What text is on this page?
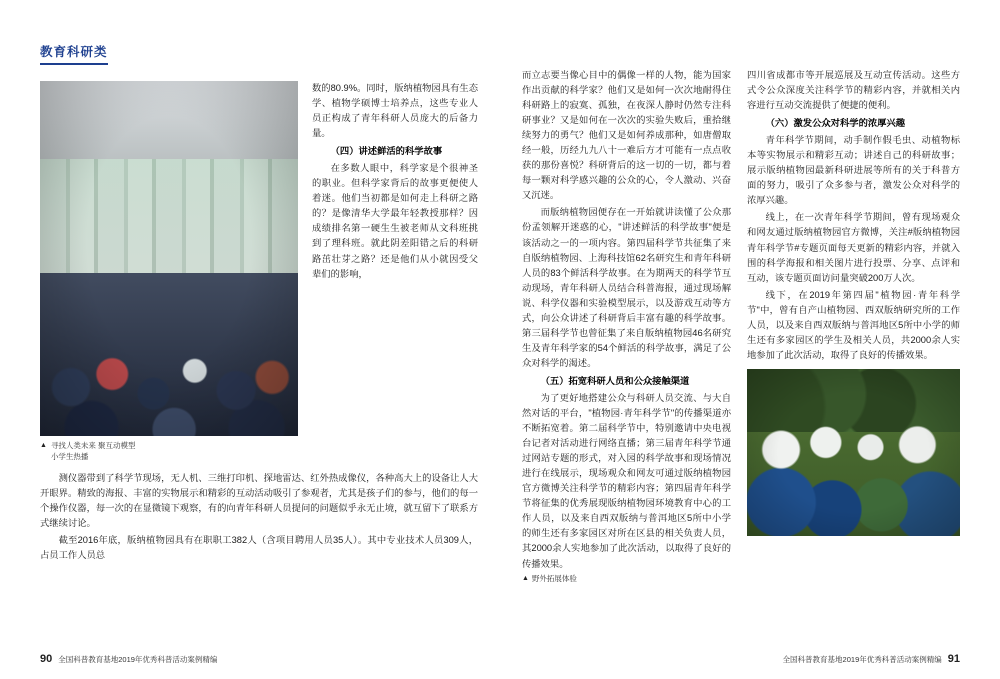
教育科研类
▲ 寻找人类未来 聚互动模型小学生热播

数的80.9%。同时，版纳植物园具有生态学、植物学硕博士培养点，这些专业人员正构成了青年科研人员庞大的后备力量。

（四）讲述鲜活的科学故事

在多数人眼中，科学家是个很神圣的职业。但科学家背后的故事更便使人着迷。他们当初都是如何走上科研之路的？是像清华大学最年轻教授那样？因成绩排名第一硬生生被老师从文科班挑到了理科班。就此阴差阳错之后的科研路茁壮芽之路？还是他们从小就因受父辈们的影响，

测仪器带到了科学节现场，无人机、三维打印机、探地雷达、红外热成像仪，各种高大上的设备让人大开眼界。精致的海报、丰富的实物展示和精彩的互动活动吸引了参观者，尤其是孩子们的参与，他们的每一个操作仪器，每一次的在显微镜下观察，有的向青年科研人员提问的问题似乎永无止境，就互留下了联系方式继续讨论。

截至2016年底，版纳植物园具有在职职工382人（含项目聘用人员35人）。其中专业技术人员309人，占员工作人员总

90 全国科普教育基地2019年优秀科普活动案例精编

而立志要当像心目中的偶像一样的人物，能为国家作出贡献的科学家？他们又是如何一次次地耐得住科研路上的寂寞、孤独，在夜深人静时仍然专注科研事业？又是如何在一次次的实验失败后，重拾继续努力的勇气？他们又是如何养成那种，如唐僧取经一般，历经九九八十一难后方才可能有一点点收获的那份喜悦？科研背后的这一切的一切，都与着每一颗对科学感兴趣的公众的心，令人激动、兴奋又沉迷。

而版纳植物园便存在一开始就讲读懂了公众那份孟领解开迷惑的心，"讲述鲜活的科学故事"便是该活动之一的一项内容。第四届科学节共征集了来自版纳植物园、上海科技馆62名研究生和青年科研人员的83个鲜活科学故事。在为期两天的科学节互动现场，青年科研人员结合科普海报，通过现场解说、科学仪器和实验模型展示，以及游戏互动等方式，向公众讲述了科研背后丰富有趣的科学故事。第三届科学节也曾征集了来自版纳植物园46名研究生及青年科学家的54个鲜活的科学故事，满足了公众对科学的渴述。

（五）拓宽科研人员和公众接触渠道

为了更好地搭建公众与科研人员交流、与大自然对话的平台，"植物园·青年科学节"的传播渠道亦不断拓宽着。第二届科学节中，特别邀请中央电视台记者对活动进行网络直播；第三届青年科学节通过网站专题的形式，对入园的科学故事和现场情况进行在线展示，现场观众和网友可通过版纳植物园官方微博关注科学节的精彩内容；第四届青年科学节将征集的优秀展现版纳植物园环境教育中心的工作人员，以及来自西双版纳与普洱地区5所中小学的师生还有多家园区对所在区县的相关负责人员，其2000余人实地参加了此次活动，以取得了良好的传播效果。

▲ 野外拓展体验

四川省成都市等开展巡展及互动宣传活动。这些方式令公众深度关注科学节的精彩内容，并就相关内容进行互动交流提供了便捷的便利。

（六）激发公众对科学的浓厚兴趣

青年科学节期间，动手制作假毛虫、动植物标本等实物展示和精彩互动；讲述自己的科研故事；展示版纳植物园最新科研进展等所有的关于科普方面的努力，吸引了众多参与者，激发公众对科学的浓厚兴趣。

线上，在一次青年科学节期间，曾有现场观众和网友通过版纳植物园官方微博，关注#版纳植物园青年科学节#专题页面每天更新的精彩内容，并就入围的科学海报和相关图片进行投票、分享、点评和互动，该专题页面访问量突破200万人次。

线下，在2019年第四届"植物园·青年科学节"中，曾有自产山植物园、西双版纳研究所的工作人员，以及来自西双版纳与普洱地区5所中小学的师生还有多家园区的学生及相关人员，共2000余人实地参加了此次活动，取得了良好的传播效果。

91
全国科普教育基地2019年优秀科普活动案例精编
